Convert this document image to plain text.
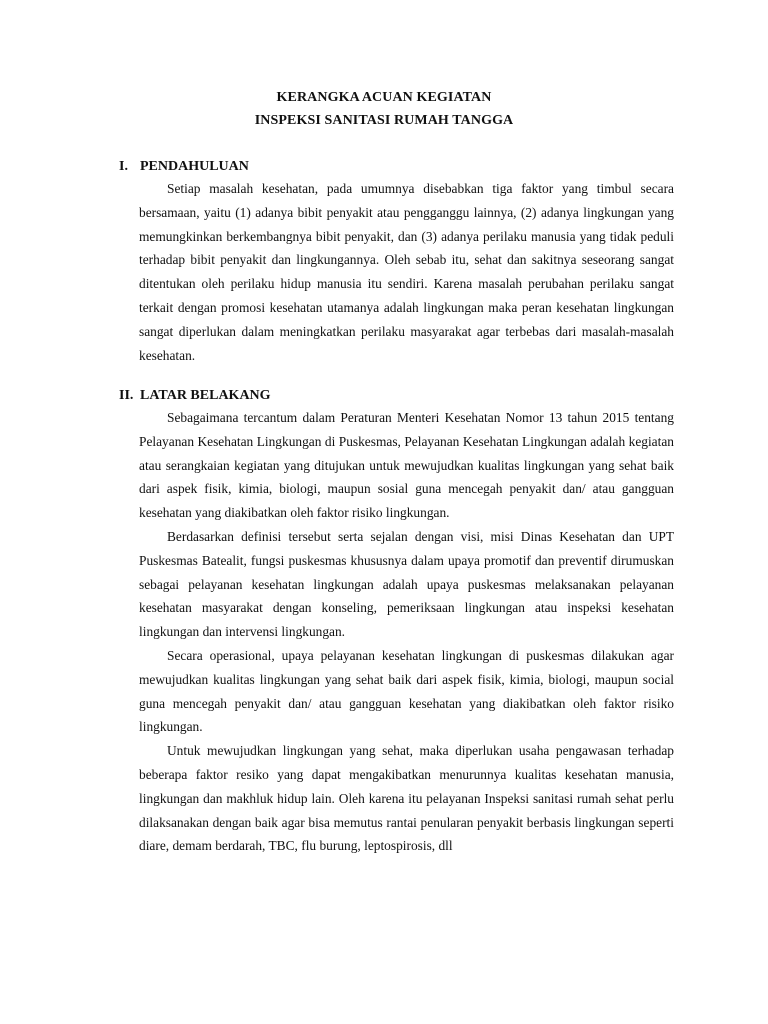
KERANGKA ACUAN KEGIATAN
INSPEKSI SANITASI RUMAH TANGGA
I. PENDAHULUAN
Setiap masalah kesehatan, pada umumnya disebabkan tiga faktor yang timbul secara bersamaan, yaitu (1) adanya bibit penyakit atau pengganggu lainnya, (2) adanya lingkungan yang memungkinkan berkembangnya bibit penyakit, dan (3) adanya perilaku manusia yang tidak peduli terhadap bibit penyakit dan lingkungannya. Oleh sebab itu, sehat dan sakitnya seseorang sangat ditentukan oleh perilaku hidup manusia itu sendiri. Karena masalah perubahan perilaku sangat terkait dengan promosi kesehatan utamanya adalah lingkungan maka peran kesehatan lingkungan sangat diperlukan dalam meningkatkan perilaku masyarakat agar terbebas dari masalah-masalah kesehatan.
II. LATAR BELAKANG
Sebagaimana tercantum dalam Peraturan Menteri Kesehatan Nomor 13 tahun 2015 tentang Pelayanan Kesehatan Lingkungan di Puskesmas, Pelayanan Kesehatan Lingkungan adalah kegiatan atau serangkaian kegiatan yang ditujukan untuk mewujudkan kualitas lingkungan yang sehat baik dari aspek fisik, kimia, biologi, maupun sosial guna mencegah penyakit dan/ atau gangguan kesehatan yang diakibatkan oleh faktor risiko lingkungan.
Berdasarkan definisi tersebut serta sejalan dengan visi, misi Dinas Kesehatan dan UPT Puskesmas Batealit, fungsi puskesmas khususnya dalam upaya promotif dan preventif dirumuskan sebagai pelayanan kesehatan lingkungan adalah upaya puskesmas melaksanakan pelayanan kesehatan masyarakat dengan konseling, pemeriksaan lingkungan atau inspeksi kesehatan lingkungan dan intervensi lingkungan.
Secara operasional, upaya pelayanan kesehatan lingkungan di puskesmas dilakukan agar mewujudkan kualitas lingkungan yang sehat baik dari aspek fisik, kimia, biologi, maupun social guna mencegah penyakit dan/ atau gangguan kesehatan yang diakibatkan oleh faktor risiko lingkungan.
Untuk mewujudkan lingkungan yang sehat, maka diperlukan usaha pengawasan terhadap beberapa faktor resiko yang dapat mengakibatkan menurunnya kualitas kesehatan manusia, lingkungan dan makhluk hidup lain. Oleh karena itu pelayanan Inspeksi sanitasi rumah sehat perlu dilaksanakan dengan baik agar bisa memutus rantai penularan penyakit berbasis lingkungan seperti diare, demam berdarah, TBC, flu burung, leptospirosis, dll
